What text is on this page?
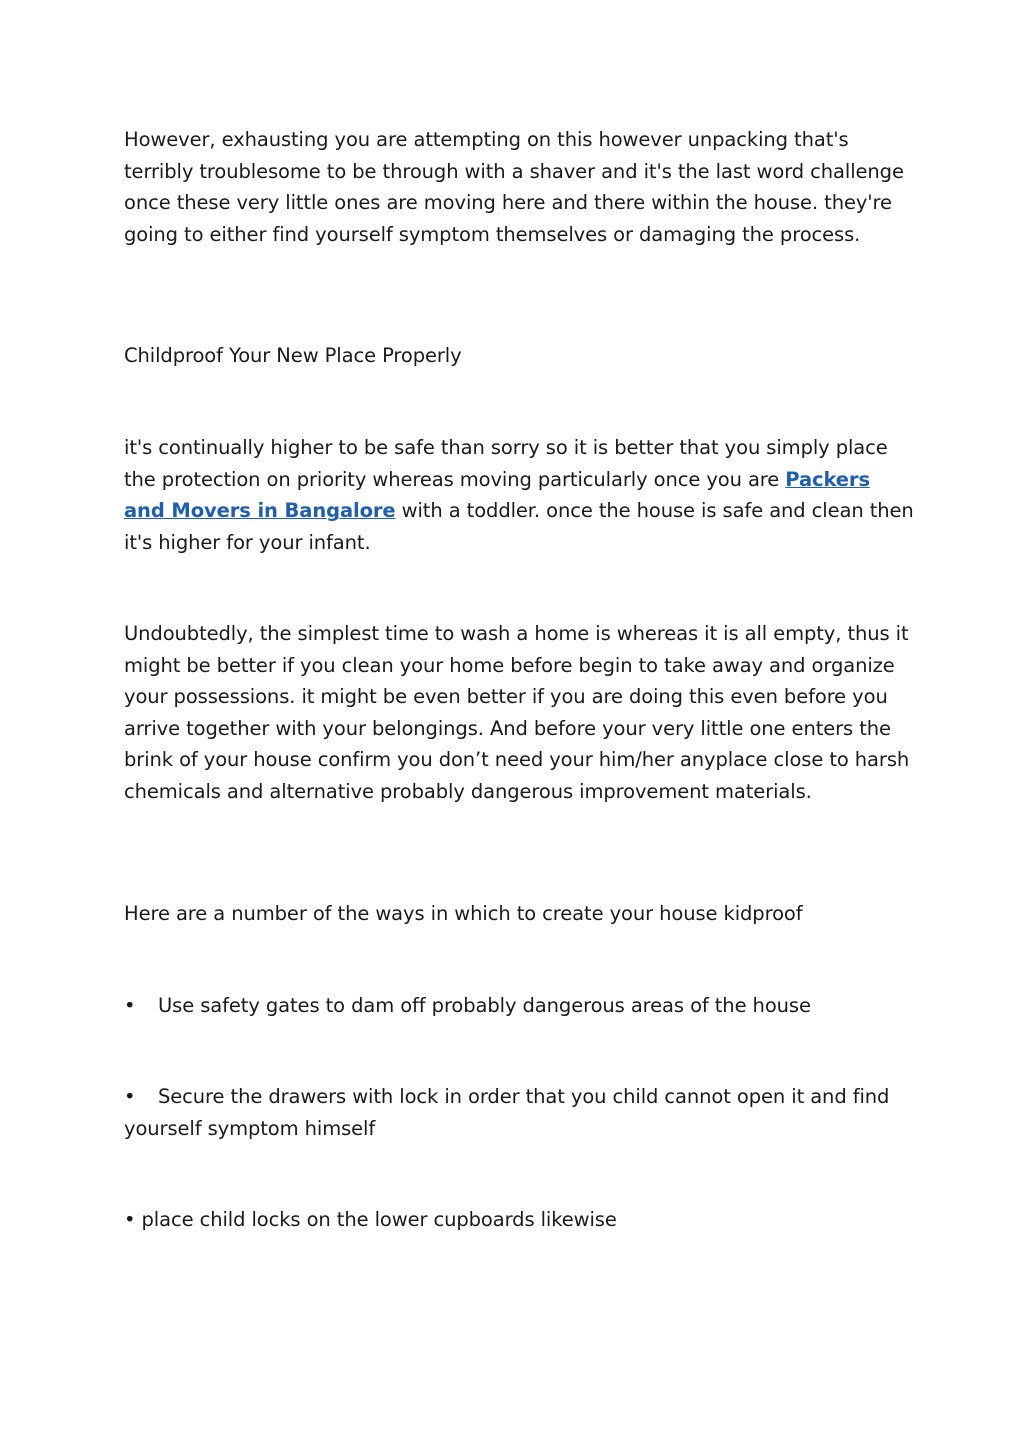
However, exhausting you are attempting on this however unpacking that's terribly troublesome to be through with a shaver and it's the last word challenge once these very little ones are moving here and there within the house. they're going to either find yourself symptom themselves or damaging the process.

Childproof Your New Place Properly

it's continually higher to be safe than sorry so it is better that you simply place the protection on priority whereas moving particularly once you are Packers and Movers in Bangalore with a toddler. once the house is safe and clean then it's higher for your infant.

Undoubtedly, the simplest time to wash a home is whereas it is all empty, thus it might be better if you clean your home before begin to take away and organize your possessions. it might be even better if you are doing this even before you arrive together with your belongings. And before your very little one enters the brink of your house confirm you don’t need your him/her anyplace close to harsh chemicals and alternative probably dangerous improvement materials.

Here are a number of the ways in which to create your house kidproof

• Use safety gates to dam off probably dangerous areas of the house

• Secure the drawers with lock in order that you child cannot open it and find yourself symptom himself

• place child locks on the lower cupboards likewise
